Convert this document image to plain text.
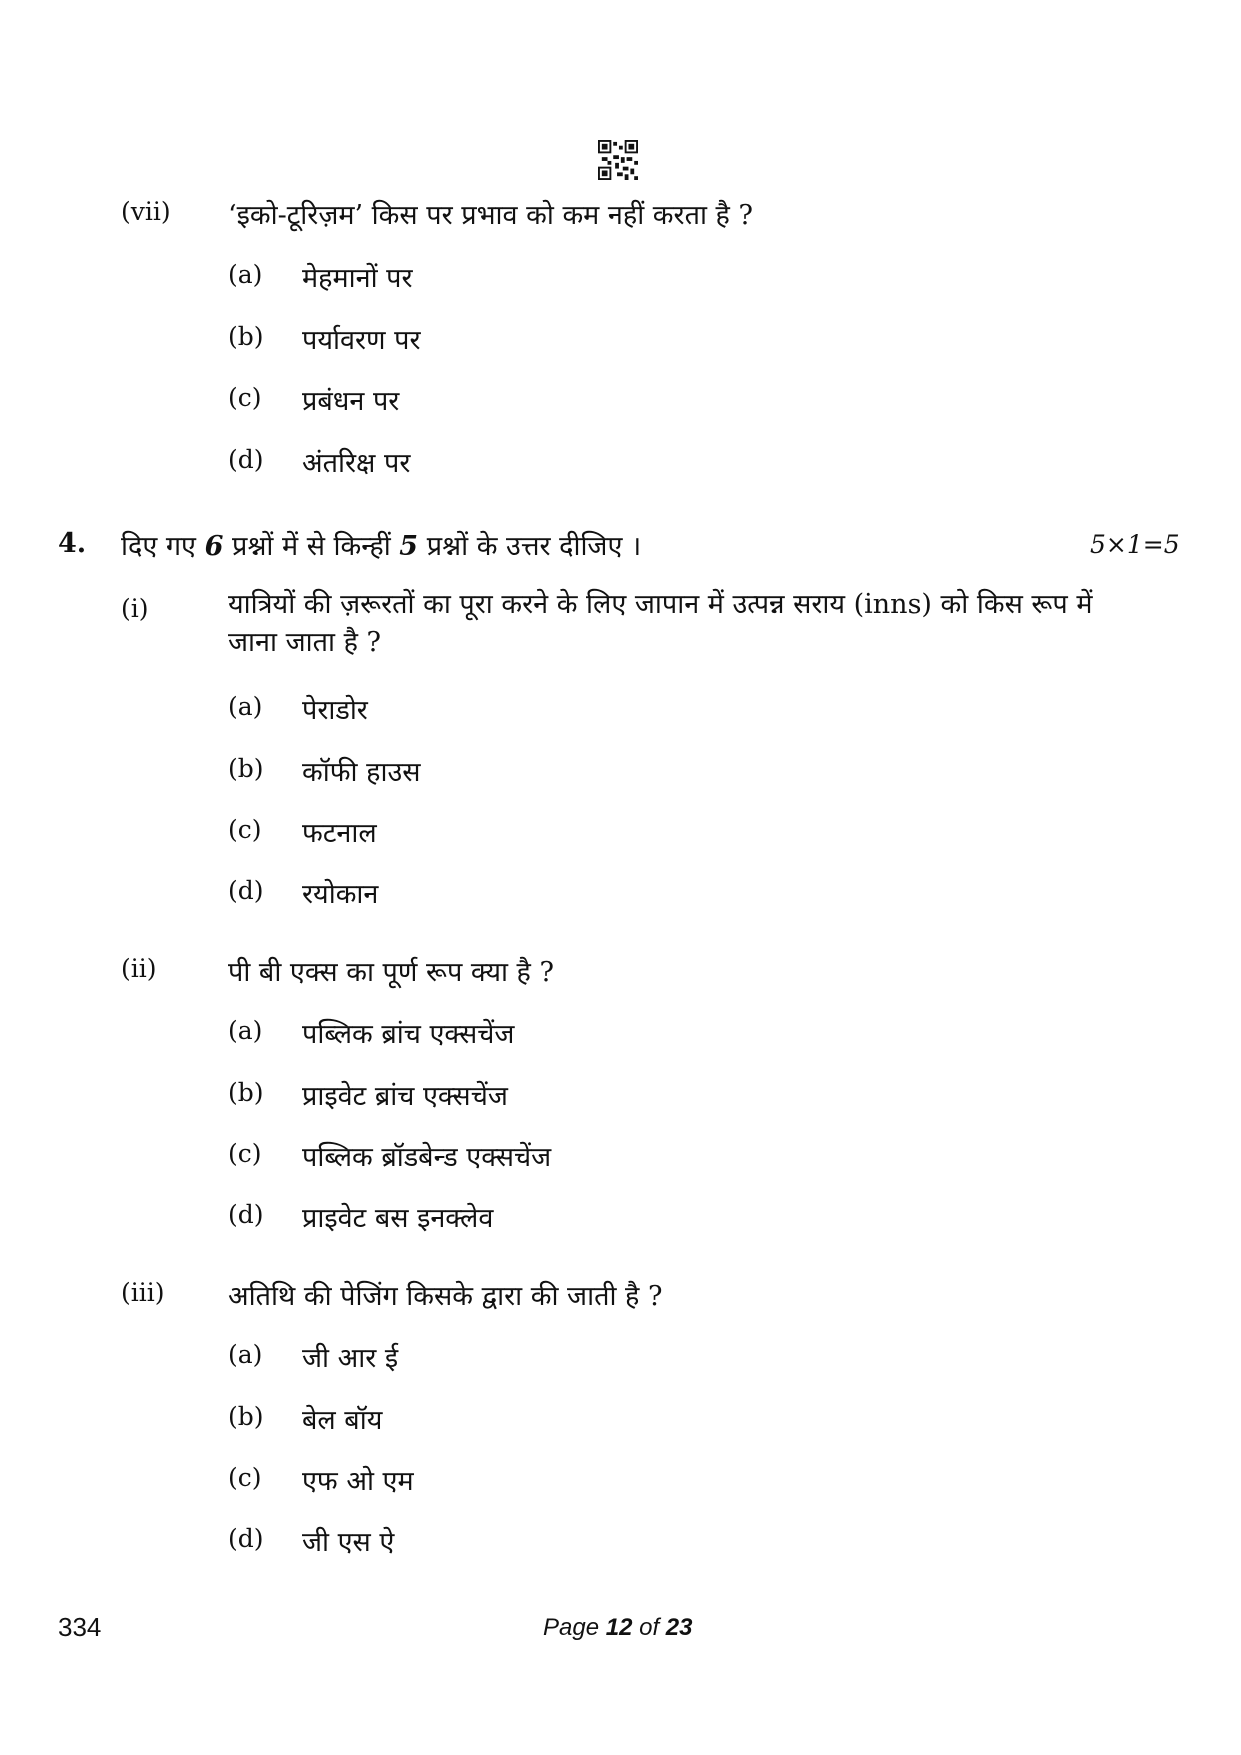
(vii) ‘इको-टूरिज़म’ किस पर प्रभाव को कम नहीं करता है ?
(a) मेहमानों पर
(b) पर्यावरण पर
(c) प्रबंधन पर
(d) अंतरिक्ष पर
4. दिए गए 6 प्रश्नों में से किन्हीं 5 प्रश्नों के उत्तर दीजिए ।	5×1=5
(i)	यात्रियों की ज़रूरतों का पूरा करने के लिए जापान में उत्पन्न सराय (inns) को किस रूप में जाना जाता है ?
(a) पेराडोर
(b) कॉफी हाउस
(c) फटनाल
(d) रयोकान
(ii)	पी बी एक्स का पूर्ण रूप क्या है ?
(a) पब्लिक ब्रांच एक्सचेंज
(b) प्राइवेट ब्रांच एक्सचेंज
(c) पब्लिक ब्रॉडबेन्ड एक्सचेंज
(d) प्राइवेट बस इनक्लेव
(iii) अतिथि की पेजिंग किसके द्वारा की जाती है ?
(a) जी आर ई
(b) बेल बॉय
(c) एफ ओ एम
(d) जी एस ऐ
334	Page 12 of 23
